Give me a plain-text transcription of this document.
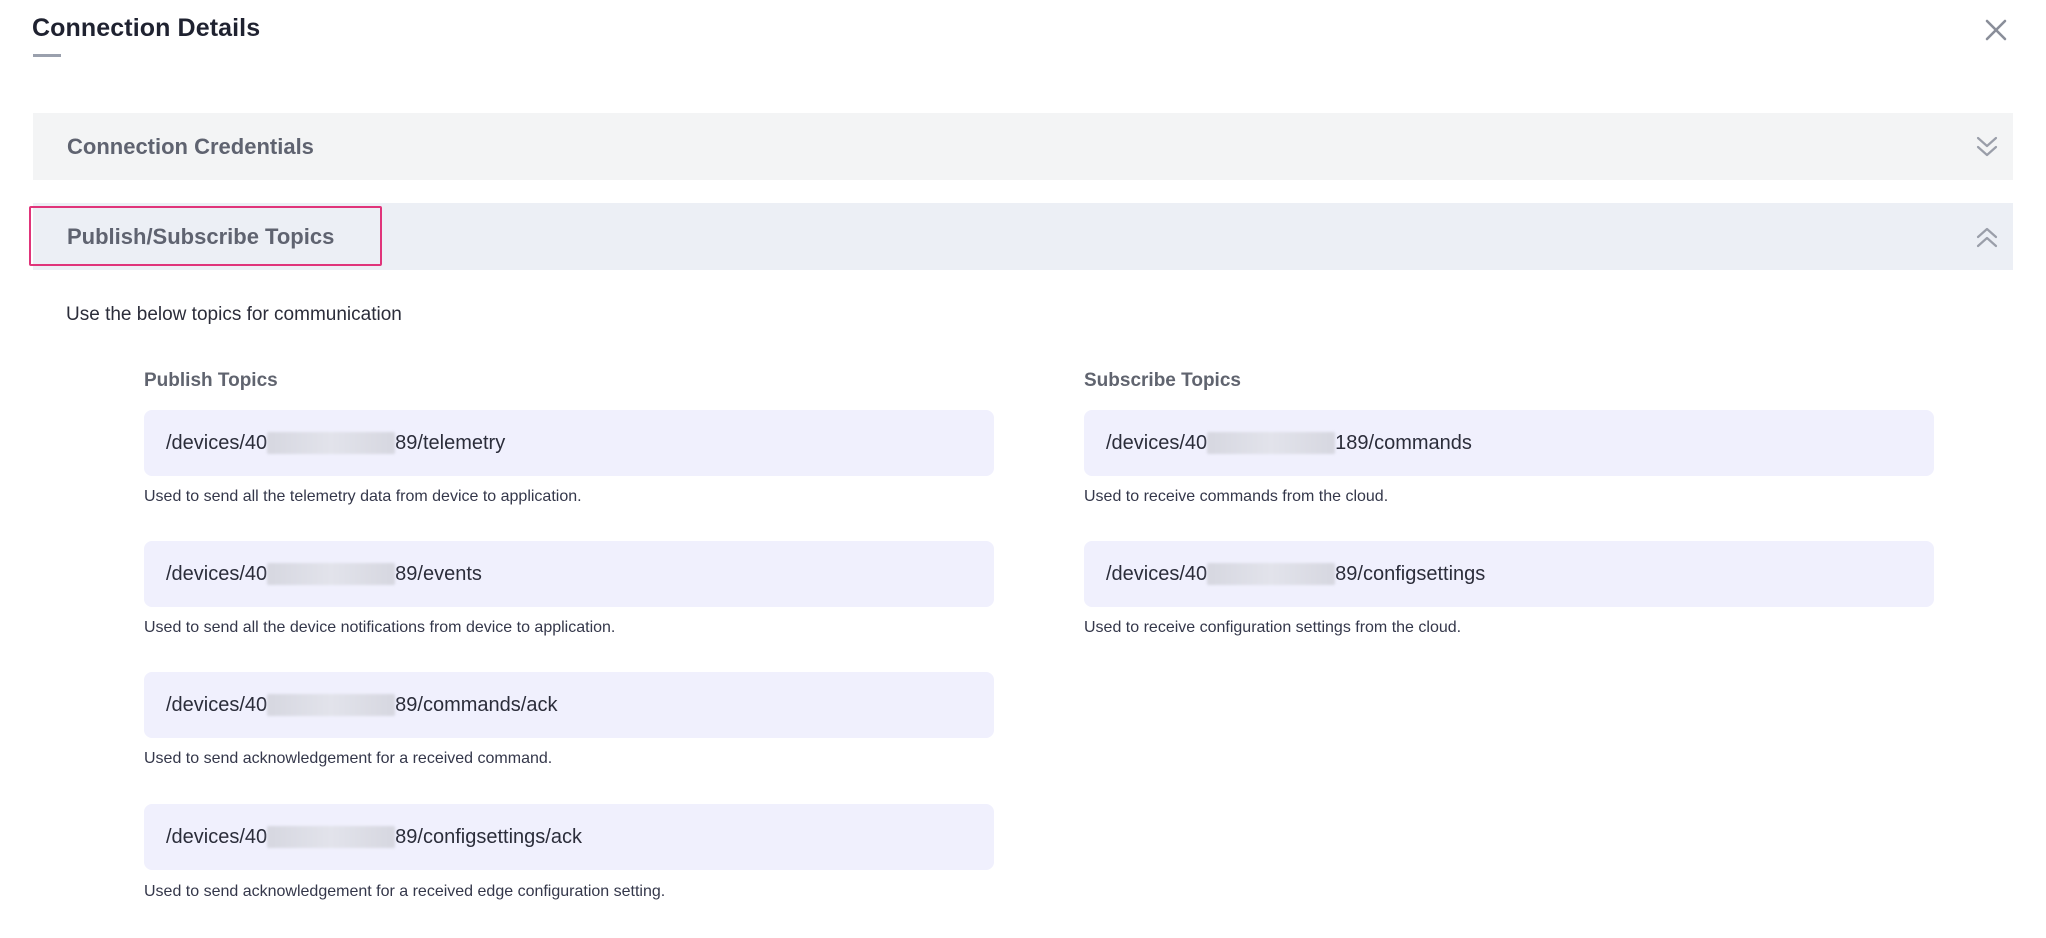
Connection Details
Connection Credentials
Publish/Subscribe Topics
Use the below topics for communication
Publish Topics
/devices/40	89/telemetry
Used to send all the telemetry data from device to application.
/devices/40	89/events
Used to send all the device notifications from device to application.
/devices/40	89/commands/ack
Used to send acknowledgement for a received command.
/devices/40	89/configsettings/ack
Used to send acknowledgement for a received edge configuration setting.
Subscribe Topics
/devices/40	189/commands
Used to receive commands from the cloud.
/devices/40	89/configsettings
Used to receive configuration settings from the cloud.
